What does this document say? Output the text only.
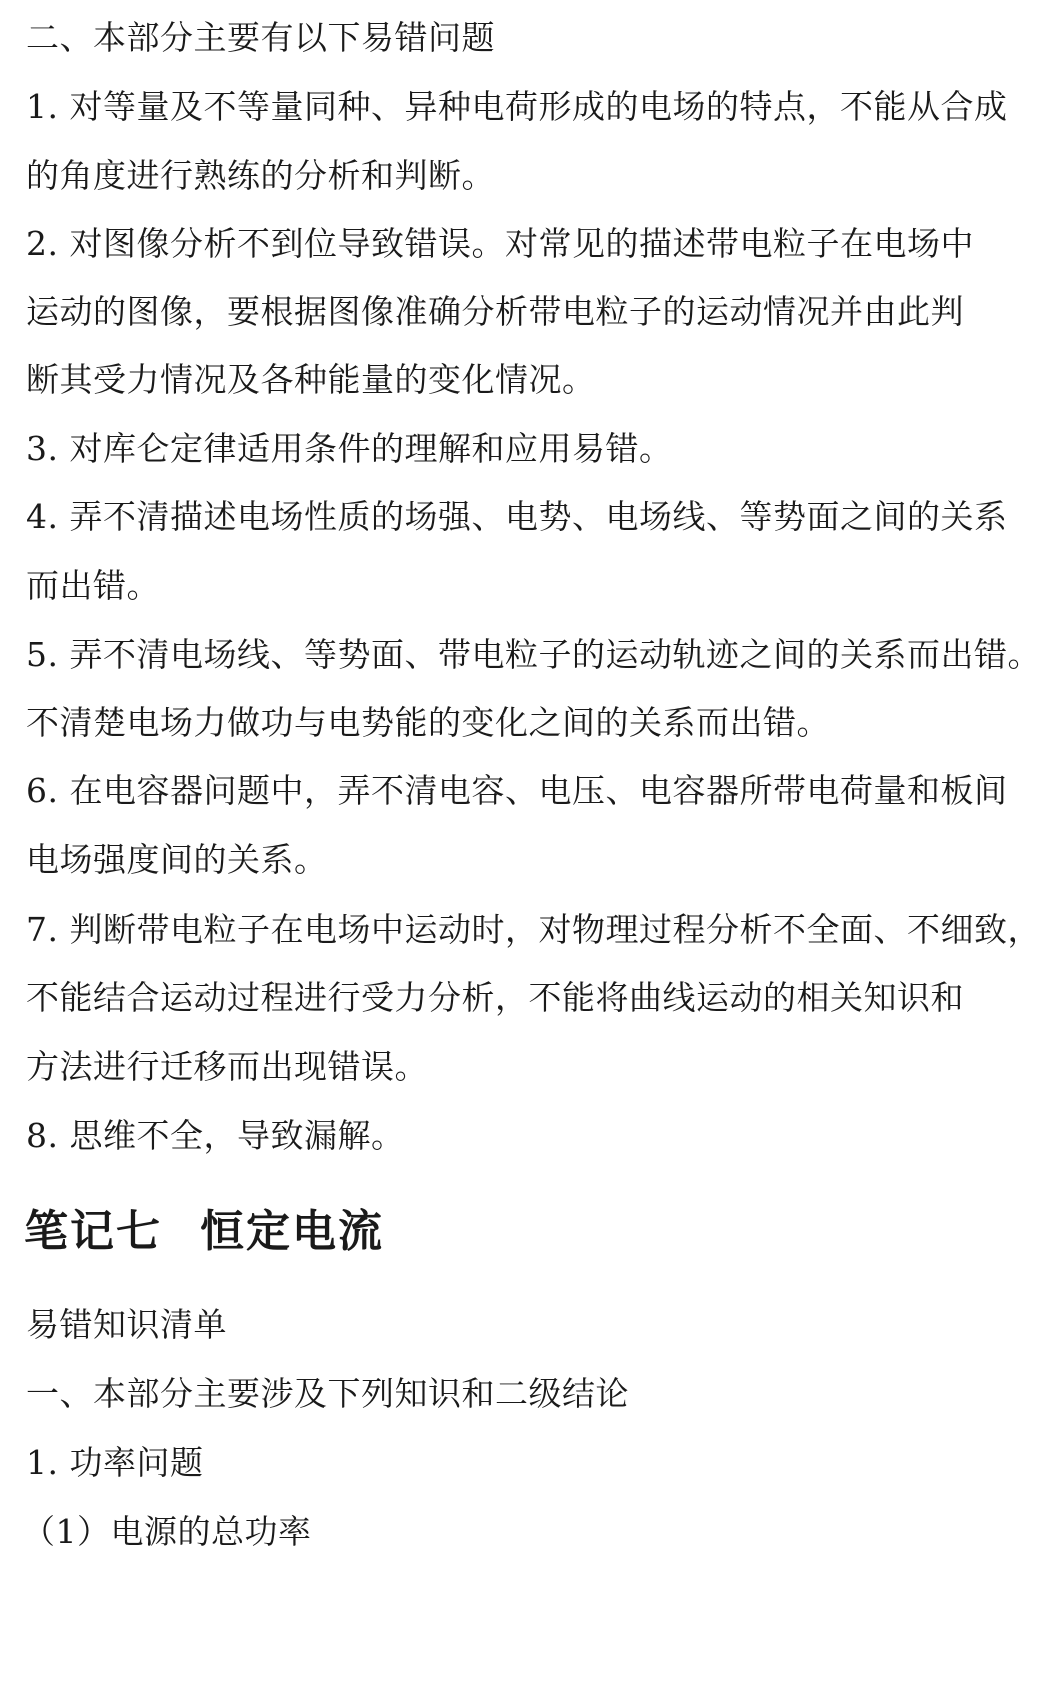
二、本部分主要有以下易错问题
1. 对等量及不等量同种、异种电荷形成的电场的特点，不能从合成
的角度进行熟练的分析和判断。
2. 对图像分析不到位导致错误。对常见的描述带电粒子在电场中
运动的图像，要根据图像准确分析带电粒子的运动情况并由此判
断其受力情况及各种能量的变化情况。
3. 对库仑定律适用条件的理解和应用易错。
4. 弄不清描述电场性质的场强、电势、电场线、等势面之间的关系
而出错。
5. 弄不清电场线、等势面、带电粒子的运动轨迹之间的关系而出错。
不清楚电场力做功与电势能的变化之间的关系而出错。
6. 在电容器问题中，弄不清电容、电压、电容器所带电荷量和板间
电场强度间的关系。
7. 判断带电粒子在电场中运动时，对物理过程分析不全面、不细致，
不能结合运动过程进行受力分析，不能将曲线运动的相关知识和
方法进行迁移而出现错误。
8. 思维不全，导致漏解。
笔记七 恒定电流
易错知识清单
一、本部分主要涉及下列知识和二级结论
1. 功率问题
（1）电源的总功率
